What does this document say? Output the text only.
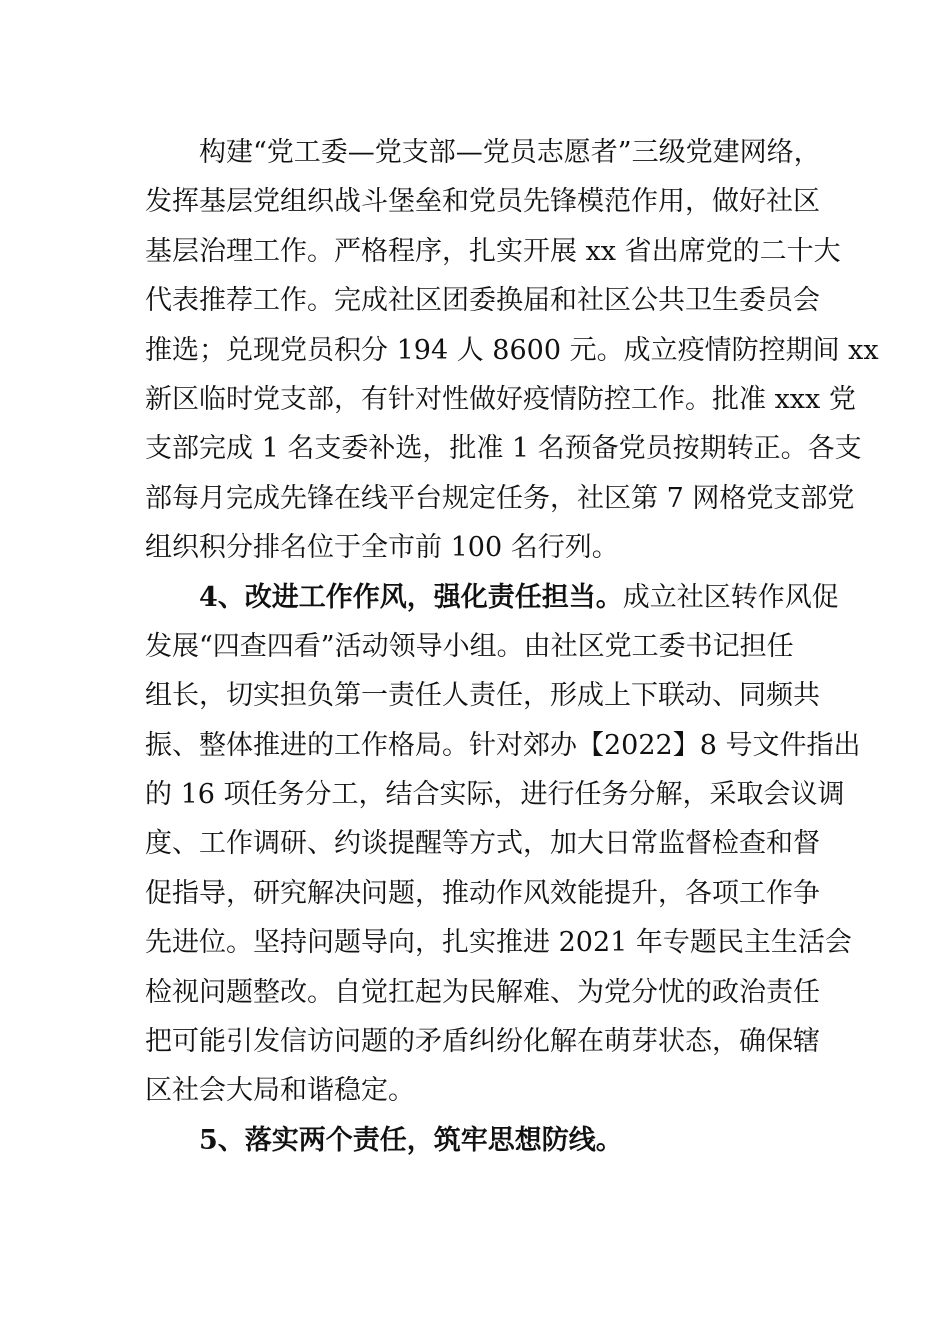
构建“党工委—党支部—党员志愿者”三级党建网络，
发挥基层党组织战斗堡垒和党员先锋模范作用，做好社区
基层治理工作。严格程序，扎实开展 xx 省出席党的二十大
代表推荐工作。完成社区团委换届和社区公共卫生委员会
推选；兑现党员积分 194 人 8600 元。成立疫情防控期间 xx
新区临时党支部，有针对性做好疫情防控工作。批准 xxx 党
支部完成 1 名支委补选，批准 1 名预备党员按期转正。各支
部每月完成先锋在线平台规定任务，社区第 7 网格党支部党
组织积分排名位于全市前 100 名行列。
4、改进工作作风，强化责任担当。成立社区转作风促
发展“四查四看”活动领导小组。由社区党工委书记担任
组长，切实担负第一责任人责任，形成上下联动、同频共
振、整体推进的工作格局。针对郊办【2022】8 号文件指出
的 16 项任务分工，结合实际，进行任务分解，采取会议调
度、工作调研、约谈提醒等方式，加大日常监督检查和督
促指导，研究解决问题，推动作风效能提升，各项工作争
先进位。坚持问题导向，扎实推进 2021 年专题民主生活会
检视问题整改。自觉扛起为民解难、为党分忧的政治责任
把可能引发信访问题的矛盾纠纷化解在萌芽状态，确保辖
区社会大局和谐稳定。
5、落实两个责任，筑牢思想防线。
